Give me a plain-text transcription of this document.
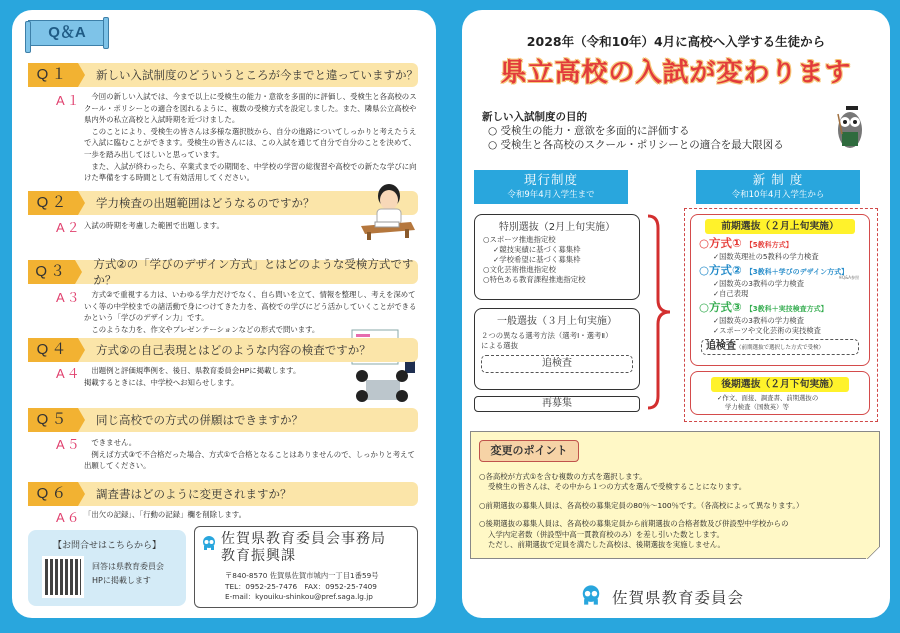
Q＆A
Q１	新しい入試制度のどういうところが今までと違っていますか？
A１	今回の新しい入試では、今まで以上に受検生の能力・意欲を多面的に評価し、受検生と各高校のスクール・ポリシーとの適合を図れるように、複数の受検方式を設定しました。また、隣県公立高校や県内外の私立高校と入試時期を近づけました。

このことにより、受検生の皆さんは多様な選択肢から、自分の進路についてしっかりと考えたうえで入試に臨むことができます。受検生の皆さんには、この入試を通じて自分で自分のことを決めて、一歩を踏み出してほしいと思っています。

また、入試が終わったら、卒業式までの期間を、中学校の学習の総復習や高校での新たな学びに向けた準備をする時間として有効活用してください。

Q２	学力検査の出題範囲はどうなるのですか？
A２ 入試の時期を考慮した範囲で出題します。

Q３	方式②の「学びのデザイン方式」とはどのような受検方式ですか？
A３	方式②で重視する力は、いわゆる学力だけでなく、自ら問いを立て、情報を整理し、考えを深めていく等の中学校までの諸活動で身につけてきた力を、高校での学びにどう活かしていくことができるかという「学びのデザイン力」です。

このような力を、作文やプレゼンテーションなどの形式で問います。

Q４	方式②の自己表現とはどのような内容の検査ですか？
A４	出題例と評価規準例を、後日、県教育委員会HPに掲載します。

掲載するときには、中学校へお知らせします。

Q５	同じ高校での方式の併願はできますか？
A５	できません。

例えば方式③で不合格だった場合、方式①で合格となることはありませんので、しっかりと考えて出願してください。

Q６	調査書はどのように変更されますか？
A６ 「出欠の記録」、「行動の記録」欄を削除します。

【お問合せはこちらから】
回答は県教育委員会
HPに掲載します
佐賀県教育委員会事務局
教育振興課
〒840-8570 佐賀県佐賀市城内一丁目1番59号
TEL：0952-25-7476　FAX：0952-25-7409
E-mail：kyouiku-shinkou@pref.saga.lg.jp
2028年（令和10年）4月に高校へ入学する生徒から
県立高校の入試が変わります
新しい入試制度の目的
○ 受検生の能力・意欲を多面的に評価する
○ 受検生と各高校のスクール・ポリシーとの適合を最大限図る
現行制度
令和9年4月入学生まで
特別選抜（2月上旬実施）
○スポーツ推進指定校
✓競技実績に基づく募集枠
✓学校希望に基づく募集枠
○文化芸術推進指定校
○特色ある教育課程推進指定校
一般選抜（３月上旬実施）
２つの異なる選考方法（選考Ⅰ・選考Ⅱ）
による選抜
追検査
再募集
新 制 度
令和10年4月入学生から
前期選抜（２月上旬実施）
○方式① 【5教科方式】
✓国数英理社の5教科の学力検査
○方式② 【3教科＋学びのデザイン方式】
※Q&A参照
✓国数英の3教科の学力検査
✓自己表現
○方式③ 【3教科＋実技検査方式】
✓国数英の3教科の学力検査
✓スポーツや文化芸術の実技検査
追検査（前期選抜で選択した方式で受検）
後期選抜（２月下旬実施）
✓作文、面接、調査書、前期選抜の
学力検査（国数英）等
変更のポイント
○各高校が方式①を含む複数の方式を選択します。
受検生の皆さんは、その中から１つの方式を選んで受検することになります。
○前期選抜の募集人員は、各高校の募集定員の80％～100％です。（各高校によって異なります。）
○後期選抜の募集人員は、各高校の募集定員から前期選抜の合格者数及び併設型中学校からの
入学内定者数（併設型中高一貫教育校のみ）を差し引いた数とします。
ただし、前期選抜で定員を満たした高校は、後期選抜を実施しません。
佐賀県教育委員会
